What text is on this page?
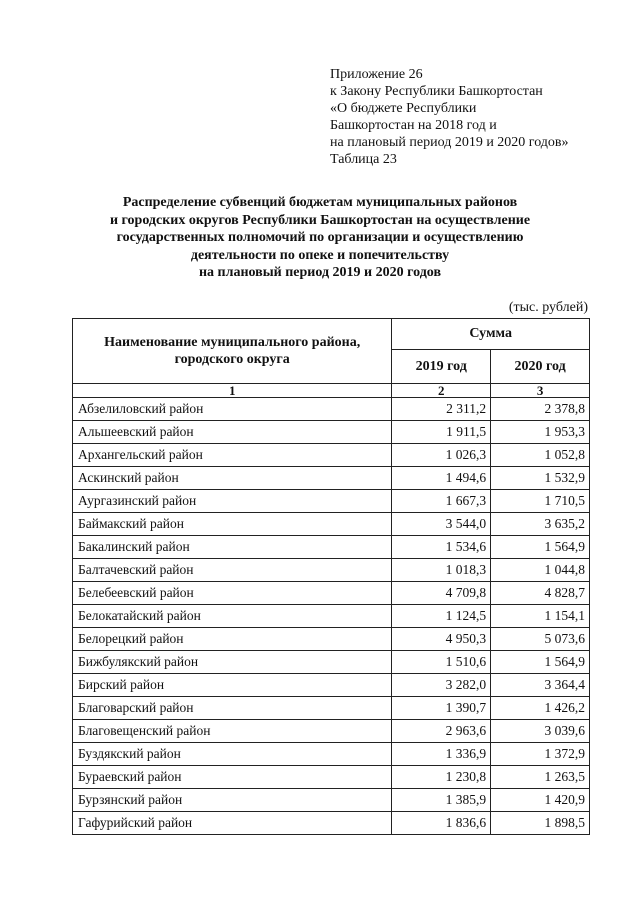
Приложение 26
к Закону Республики Башкортостан
«О бюджете Республики
Башкортостан на 2018 год и
на плановый период 2019 и 2020 годов»
Таблица 23
Распределение субвенций бюджетам муниципальных районов
и городских округов Республики Башкортостан на осуществление
государственных полномочий по организации и осуществлению
деятельности по опеке и попечительству
на плановый период 2019 и 2020 годов
(тыс. рублей)
Наименование муниципального района, городского округа	Сумма	
	2019 год	2020 год
1	2	3
Абзелиловский район	2 311,2	2 378,8
Альшеевский район	1 911,5	1 953,3
Архангельский район	1 026,3	1 052,8
Аскинский район	1 494,6	1 532,9
Аургазинский район	1 667,3	1 710,5
Баймакский район	3 544,0	3 635,2
Бакалинский район	1 534,6	1 564,9
Балтачевский район	1 018,3	1 044,8
Белебеевский район	4 709,8	4 828,7
Белокатайский район	1 124,5	1 154,1
Белорецкий район	4 950,3	5 073,6
Бижбулякский район	1 510,6	1 564,9
Бирский район	3 282,0	3 364,4
Благоварский район	1 390,7	1 426,2
Благовещенский район	2 963,6	3 039,6
Буздякский район	1 336,9	1 372,9
Бураевский район	1 230,8	1 263,5
Бурзянский район	1 385,9	1 420,9
Гафурийский район	1 836,6	1 898,5
